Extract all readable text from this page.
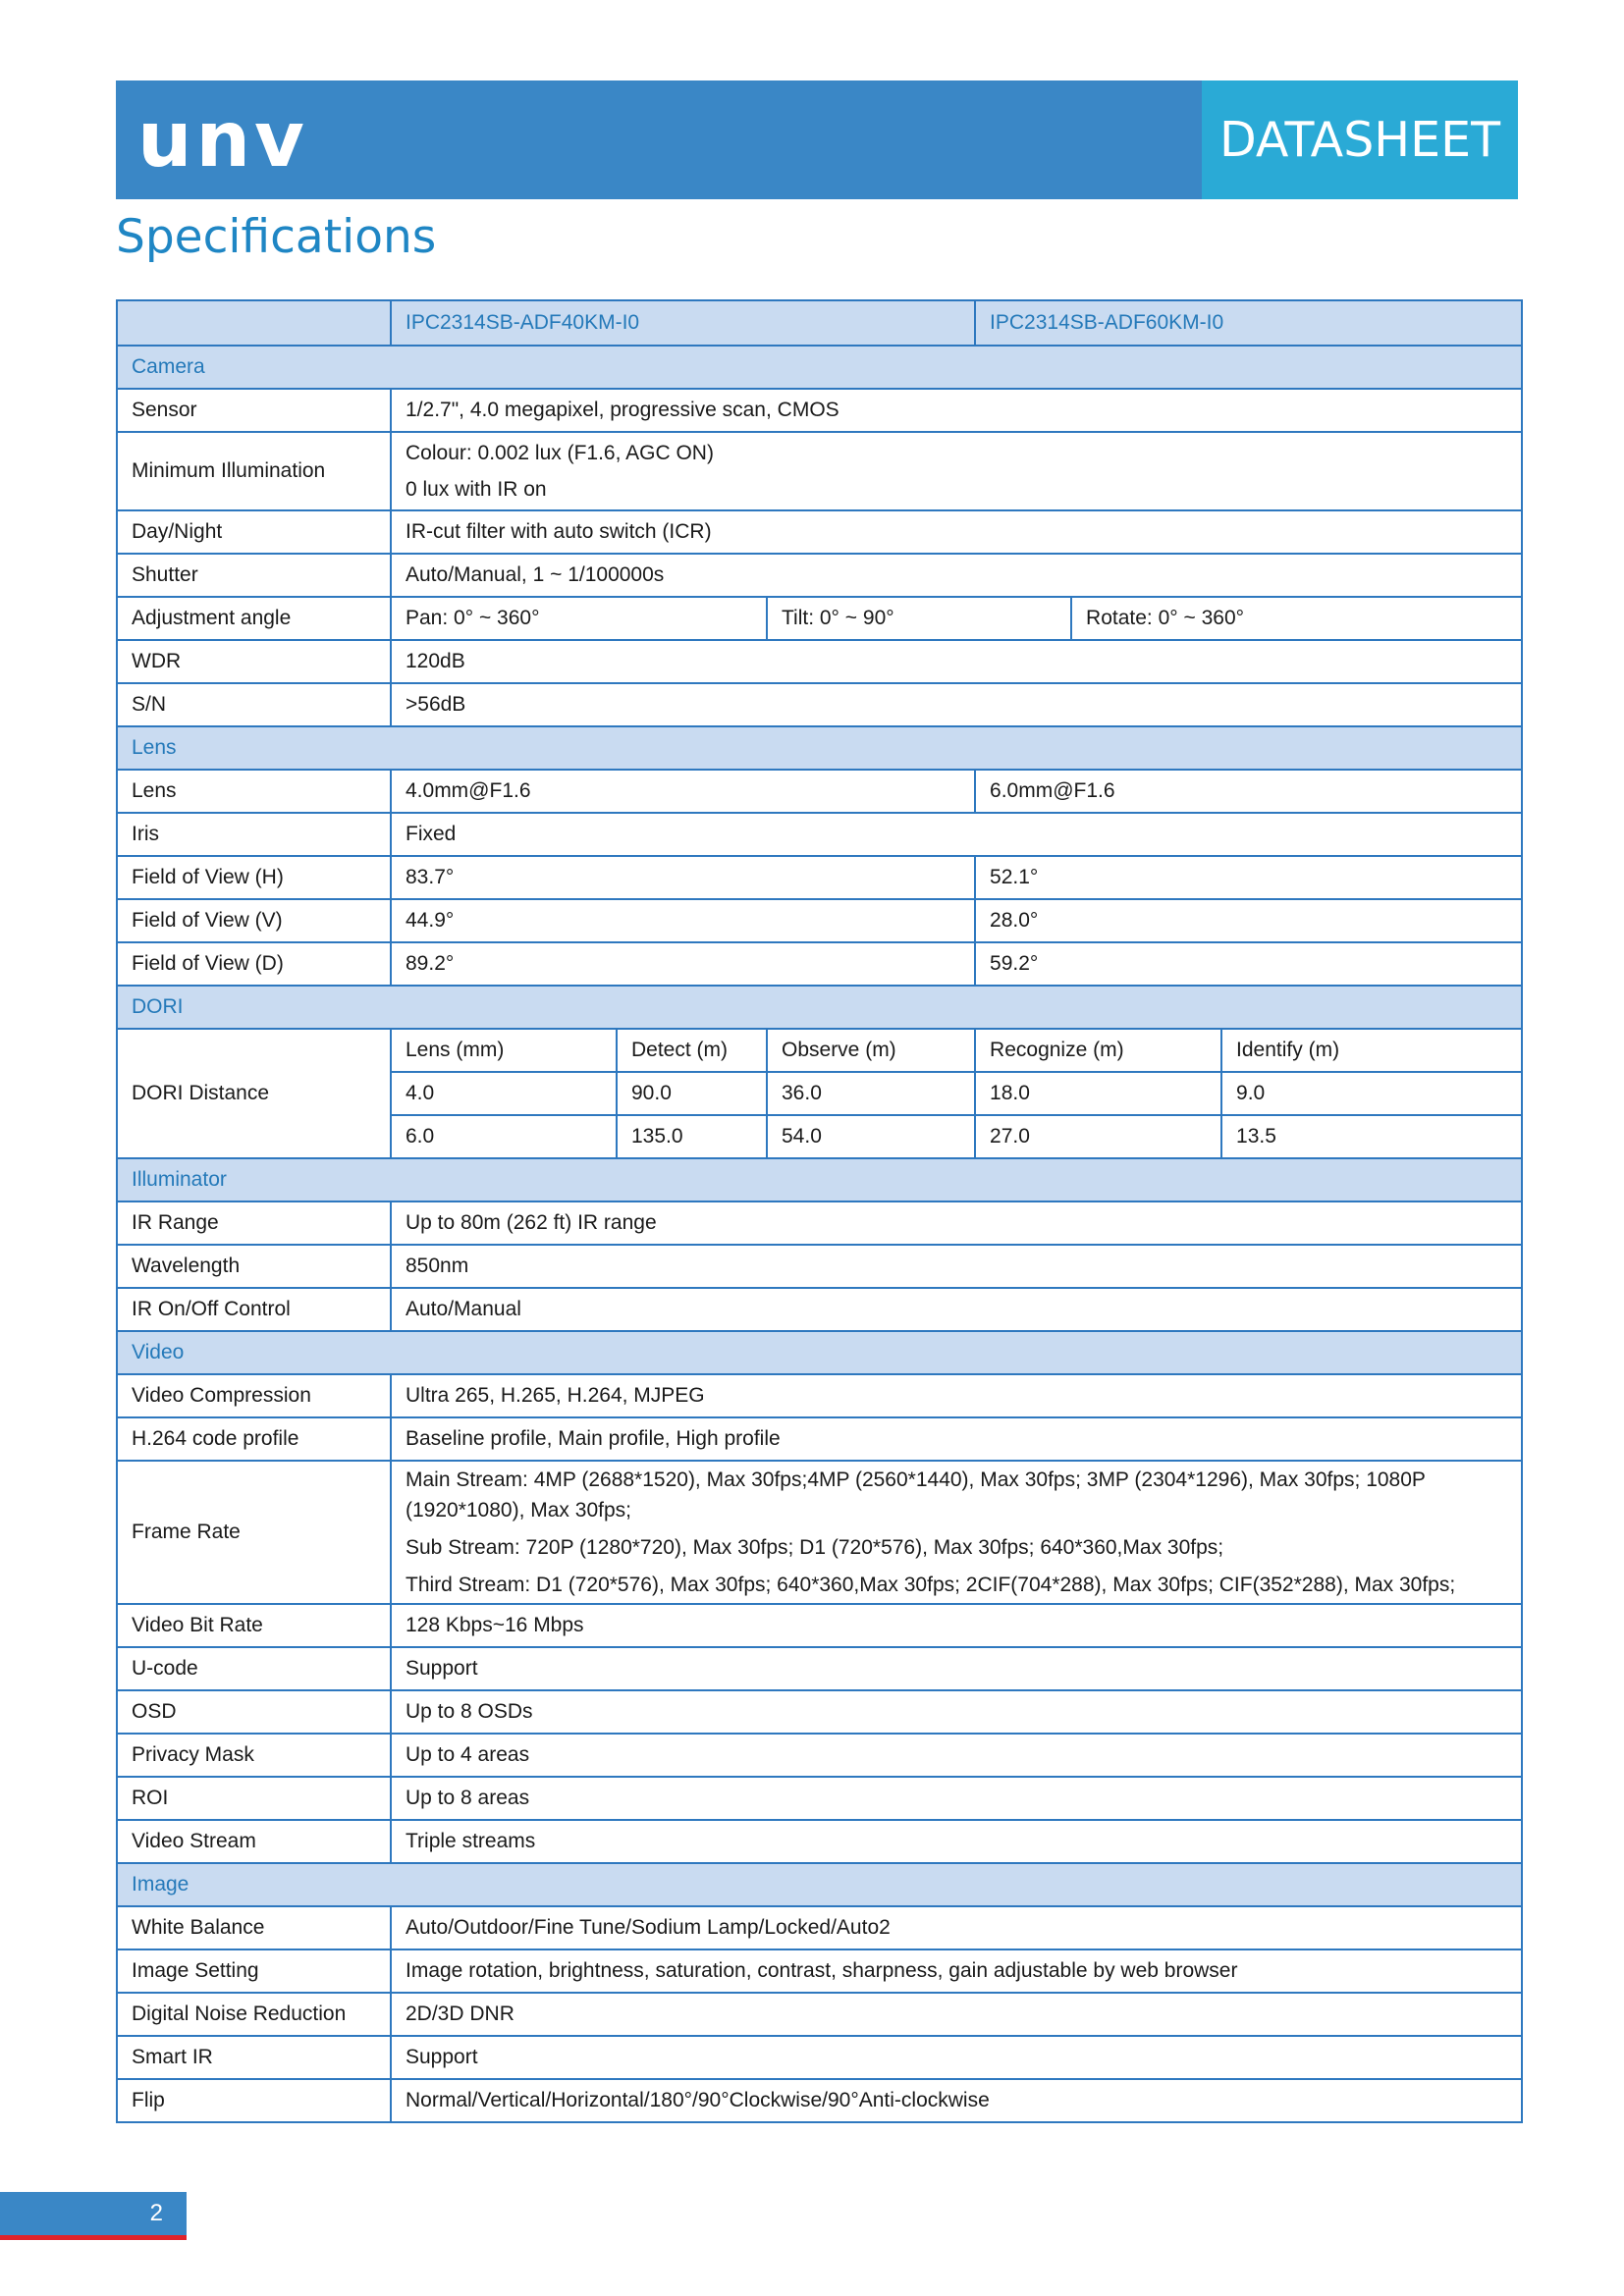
unv	DATASHEET
Specifications
	IPC2314SB-ADF40KM-I0			IPC2314SB-ADF60KM-I0		
Camera						
Sensor	1/2.7", 4.0 megapixel, progressive scan, CMOS					
Minimum Illumination	Colour: 0.002 lux (F1.6, AGC ON)
0 lux with IR on					

Day/Night	IR-cut filter with auto switch (ICR)					
Shutter	Auto/Manual, 1 ~ 1/100000s					
Adjustment angle	Pan: 0° ~ 360°		Tilt: 0° ~ 90°		Rotate: 0° ~ 360°	
WDR	120dB					
S/N	>56dB					
Lens						
Lens	4.0mm@F1.6			6.0mm@F1.6		
Iris	Fixed					
Field of View (H)	83.7°			52.1°		
Field of View (V)	44.9°			28.0°		
Field of View (D)	89.2°			59.2°		
DORI						
DORI Distance	Lens (mm)	Detect (m)	Observe (m)	Recognize (m)		Identify (m)
	4.0	90.0	36.0	18.0		9.0
	6.0	135.0	54.0	27.0		13.5
Illuminator						
IR Range	Up to 80m (262 ft) IR range					
Wavelength	850nm					
IR On/Off Control	Auto/Manual					
Video						
Video Compression	Ultra 265, H.265, H.264, MJPEG					
H.264 code profile	Baseline profile, Main profile, High profile					
Frame Rate	Main Stream: 4MP (2688*1520), Max 30fps;4MP (2560*1440), Max 30fps; 3MP (2304*1296), Max 30fps; 1080P (1920*1080), Max 30fps;

Sub Stream: 720P (1280*720), Max 30fps; D1 (720*576), Max 30fps; 640*360,Max 30fps;

Third Stream: D1 (720*576), Max 30fps; 640*360,Max 30fps; 2CIF(704*288), Max 30fps; CIF(352*288), Max 30fps;					

Video Bit Rate	128 Kbps~16 Mbps					
U-code	Support					
OSD	Up to 8 OSDs					
Privacy Mask	Up to 4 areas					
ROI	Up to 8 areas					
Video Stream	Triple streams					
Image						
White Balance	Auto/Outdoor/Fine Tune/Sodium Lamp/Locked/Auto2					
Image Setting	Image rotation, brightness, saturation, contrast, sharpness, gain adjustable by web browser					
Digital Noise Reduction	2D/3D DNR					
Smart IR	Support					
Flip	Normal/Vertical/Horizontal/180°/90°Clockwise/90°Anti-clockwise					
2
